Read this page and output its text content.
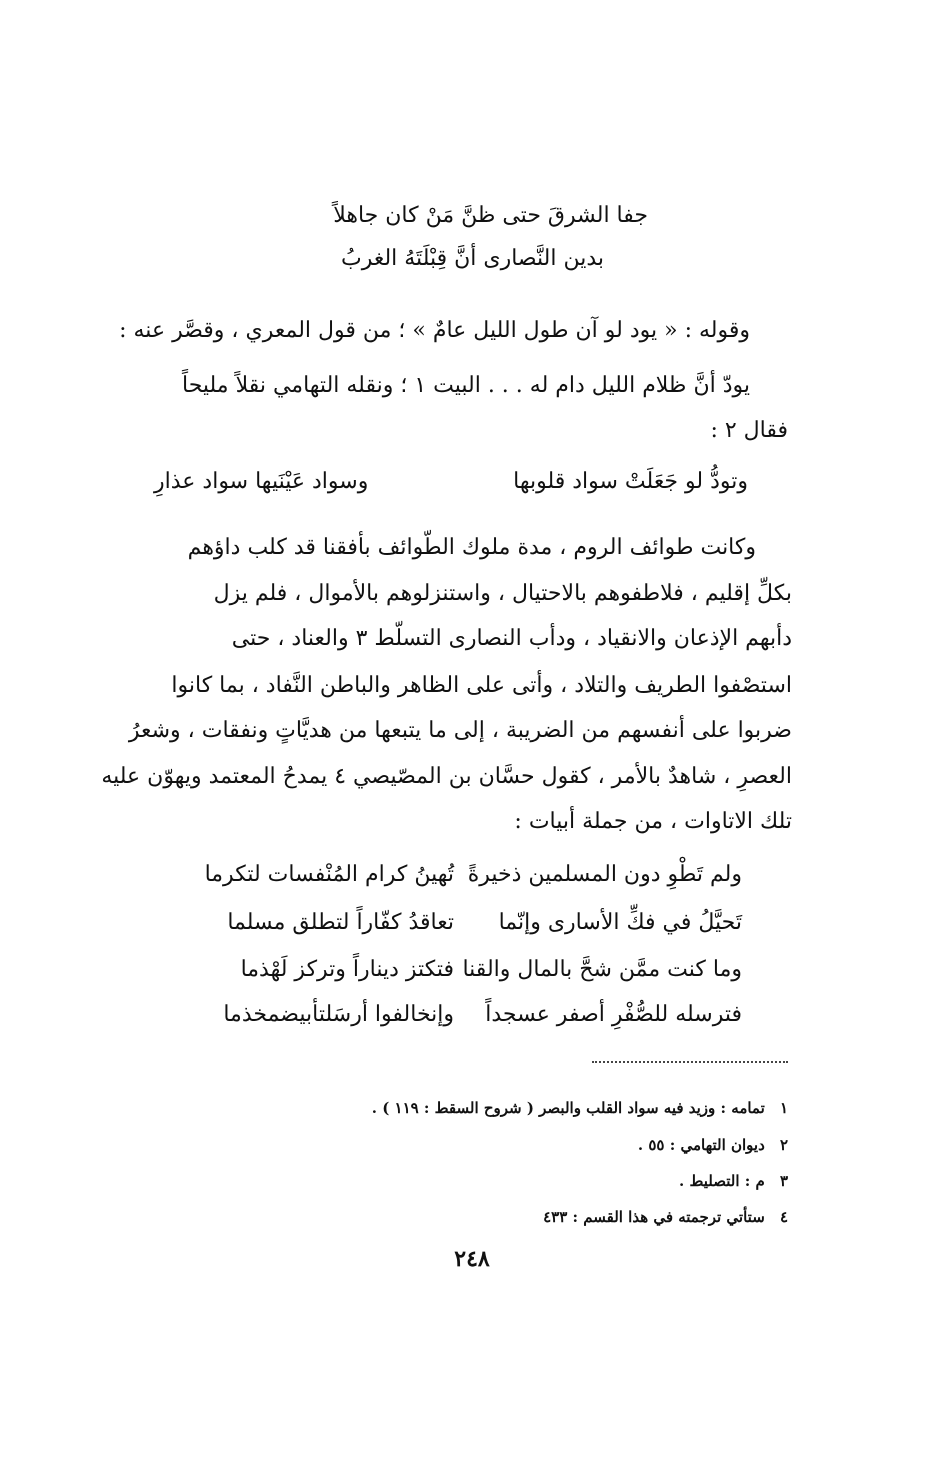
جفا الشرقَ حتى ظنَّ مَنْ كان جاهلاً
بدين النَّصارى أنَّ قِبْلَتَهُ الغربُ
وقوله : « يود لو آن طول الليل عامٌ » ؛ من قول المعري ، وقصَّر عنه :
يودّ أنَّ ظلام الليل دام له . . . البيت ١ ؛ ونقله التهامي نقلاً مليحاً
فقال ٢ :
وتودُّ لو جَعَلَتْ سواد قلوبها
وسواد عَيْنَيها سواد عذارِ
وكانت طوائف الروم ، مدة ملوك الطّوائف بأفقنا قد كلب داؤهم
بكلِّ إقليم ، فلاطفوهم بالاحتيال ، واستنزلوهم بالأموال ، فلم يزل
دأبهم الإذعان والانقياد ، ودأب النصارى التسلّط ٣ والعناد ، حتى
استصْفوا الطريف والتلاد ، وأتى على الظاهر والباطن النَّفاد ، بما كانوا
ضربوا على أنفسهم من الضريبة ، إلى ما يتبعها من هديَّاتٍ ونفقات ، وشعرُ
العصرِ ، شاهدٌ بالأمر ، كقول حسَّان بن المصّيصي ٤ يمدحُ المعتمد ويهوّن عليه
تلك الاتاوات ، من جملة أبيات :
ولم تَطْوِ دون المسلمين ذخيرةً
تُهينُ كرام المُنْفسات لتكرما
تَحيَّلُ في فكِّ الأسارى وإنّما
تعاقدُ كفّاراً لتطلق مسلما
وما كنت ممَّن شحَّ بالمال والقنا
فتكتز ديناراً وتركز لَهْذما
فترسله للصُّفْرِ أصفر عسجداً
وإنخالفوا أرسَلتأبيضمخذما
١ تمامه : وزيد فيه سواد القلب والبصر ( شروح السقط : ١١٩ ) .
٢ ديوان التهامي : ٥٥ .
٣ م : التصليط .
٤ ستأتي ترجمته في هذا القسم : ٤٣٣
٢٤٨
